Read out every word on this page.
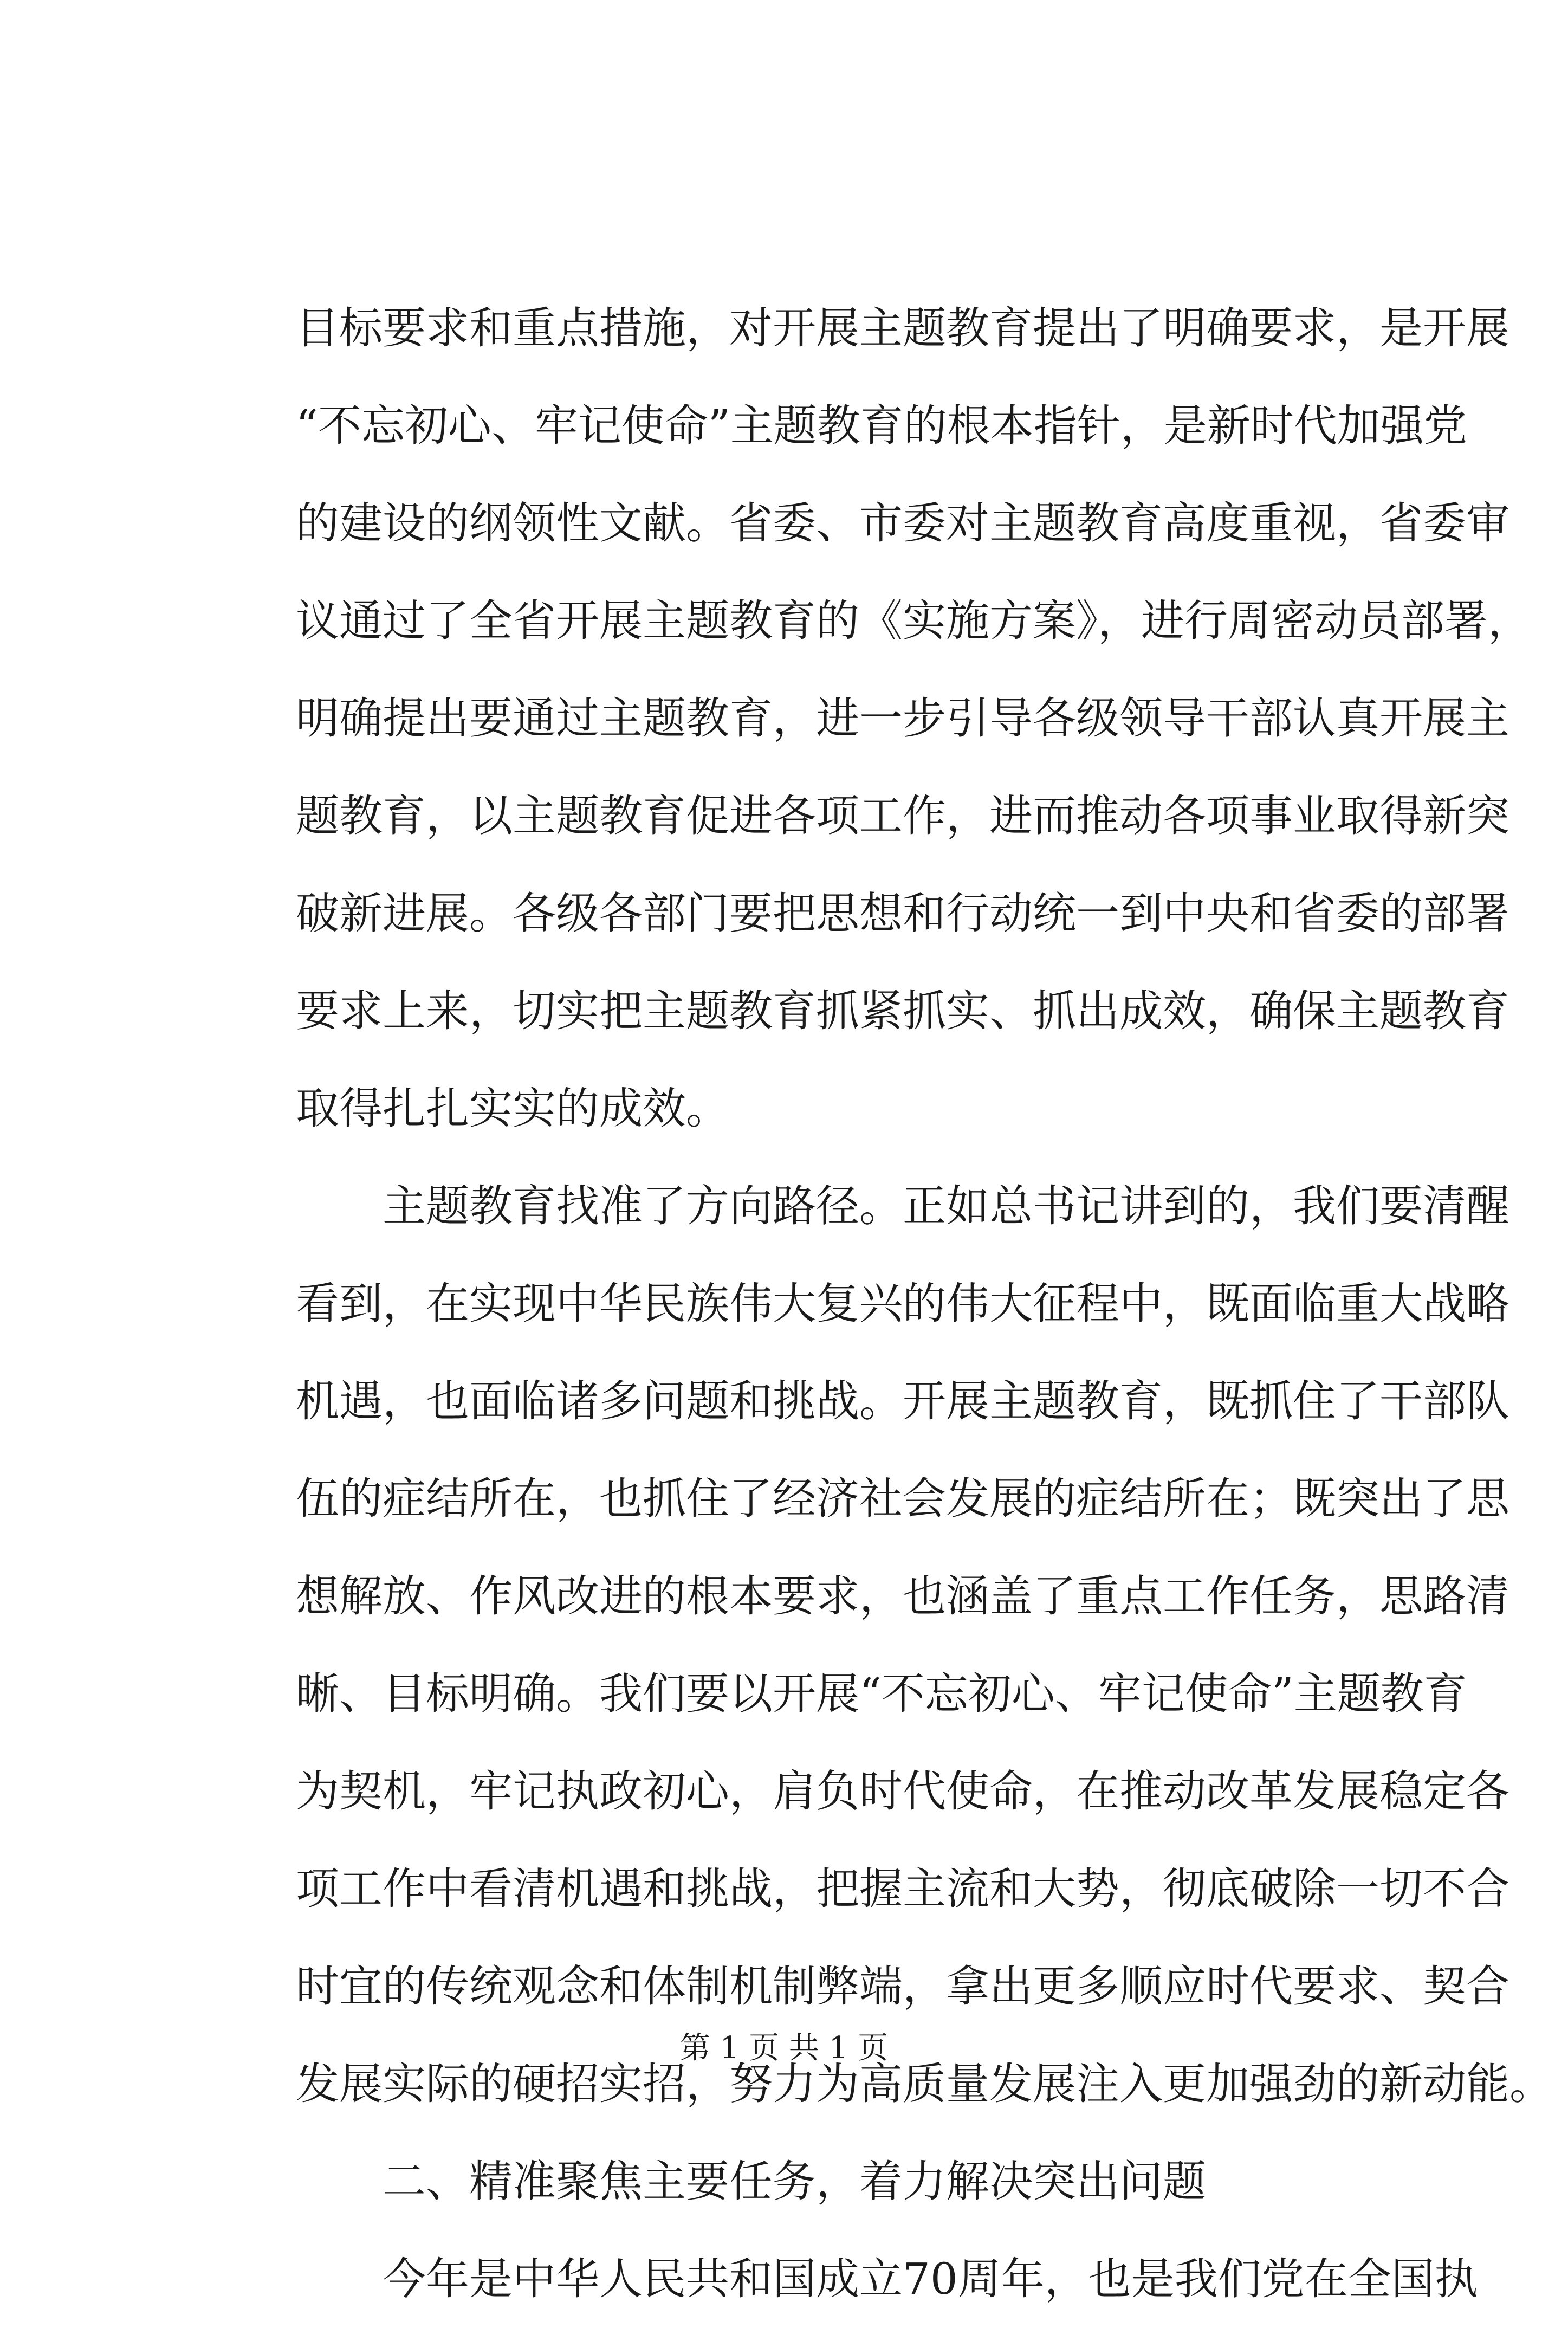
目标要求和重点措施，对开展主题教育提出了明确要求，是开展
“不忘初心、牢记使命”主题教育的根本指针，是新时代加强党
的建设的纲领性文献。省委、市委对主题教育高度重视，省委审
议通过了全省开展主题教育的《实施方案》，进行周密动员部署，
明确提出要通过主题教育，进一步引导各级领导干部认真开展主
题教育，以主题教育促进各项工作，进而推动各项事业取得新突
破新进展。各级各部门要把思想和行动统一到中央和省委的部署
要求上来，切实把主题教育抓紧抓实、抓出成效，确保主题教育
取得扎扎实实的成效。
　　主题教育找准了方向路径。正如总书记讲到的，我们要清醒
看到，在实现中华民族伟大复兴的伟大征程中，既面临重大战略
机遇，也面临诸多问题和挑战。开展主题教育，既抓住了干部队
伍的症结所在，也抓住了经济社会发展的症结所在；既突出了思
想解放、作风改进的根本要求，也涵盖了重点工作任务，思路清
晰、目标明确。我们要以开展“不忘初心、牢记使命”主题教育
为契机，牢记执政初心，肩负时代使命，在推动改革发展稳定各
项工作中看清机遇和挑战，把握主流和大势，彻底破除一切不合
时宜的传统观念和体制机制弊端，拿出更多顺应时代要求、契合
发展实际的硬招实招，努力为高质量发展注入更加强劲的新动能。
　　二、精准聚焦主要任务，着力解决突出问题
　　今年是中华人民共和国成立70周年，也是我们党在全国执
第 1 页 共 1 页
